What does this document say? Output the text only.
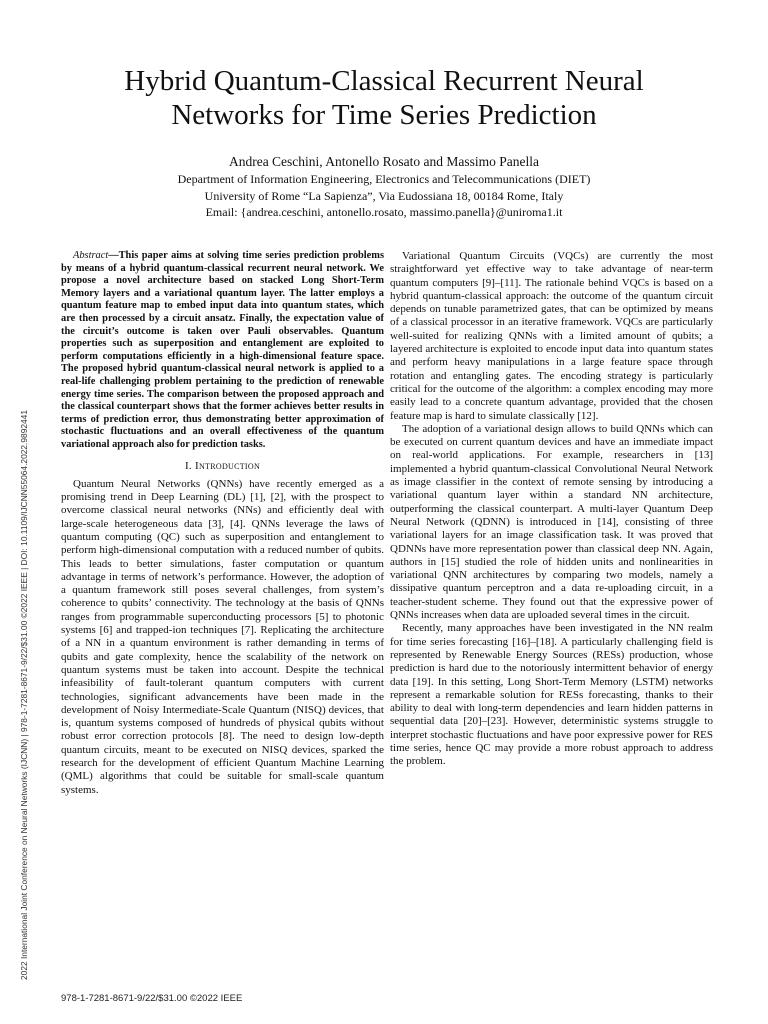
2022 International Joint Conference on Neural Networks (IJCNN) | 978-1-7281-8671-9/22/$31.00 ©2022 IEEE | DOI: 10.1109/IJCNN55064.2022.9892441
Hybrid Quantum-Classical Recurrent Neural Networks for Time Series Prediction
Andrea Ceschini, Antonello Rosato and Massimo Panella
Department of Information Engineering, Electronics and Telecommunications (DIET)
University of Rome “La Sapienza”, Via Eudossiana 18, 00184 Rome, Italy
Email: {andrea.ceschini, antonello.rosato, massimo.panella}@uniroma1.it

Abstract—This paper aims at solving time series prediction problems by means of a hybrid quantum-classical recurrent neural network. We propose a novel architecture based on stacked Long Short-Term Memory layers and a variational quantum layer. The latter employs a quantum feature map to embed input data into quantum states, which are then processed by a circuit ansatz. Finally, the expectation value of the circuit’s outcome is taken over Pauli observables. Quantum properties such as superposition and entanglement are exploited to perform computations efficiently in a high-dimensional feature space. The proposed hybrid quantum-classical neural network is applied to a real-life challenging problem pertaining to the prediction of renewable energy time series. The comparison between the proposed approach and the classical counterpart shows that the former achieves better results in terms of prediction error, thus demonstrating better approximation of stochastic fluctuations and an overall effectiveness of the quantum variational approach also for prediction tasks.

I. Introduction

Quantum Neural Networks (QNNs) have recently emerged as a promising trend in Deep Learning (DL) [1], [2], with the prospect to overcome classical neural networks (NNs) and efficiently deal with large-scale heterogeneous data [3], [4]. QNNs leverage the laws of quantum computing (QC) such as superposition and entanglement to perform high-dimensional computation with a reduced number of qubits. This leads to better simulations, faster computation or quantum advantage in terms of network’s performance. However, the adoption of a quantum framework still poses several challenges, from system’s coherence to qubits’ connectivity. The technology at the basis of QNNs ranges from programmable superconducting processors [5] to photonic systems [6] and trapped-ion techniques [7]. Replicating the architecture of a NN in a quantum environment is rather demanding in terms of qubits and gate complexity, hence the scalability of the network on quantum systems must be taken into account. Despite the technical infeasibility of fault-tolerant quantum computers with current technologies, significant advancements have been made in the development of Noisy Intermediate-Scale Quantum (NISQ) devices, that is, quantum systems composed of hundreds of physical qubits without robust error correction protocols [8]. The need to design low-depth quantum circuits, meant to be executed on NISQ devices, sparked the research for the development of efficient Quantum Machine Learning (QML) algorithms that could be suitable for small-scale quantum systems.

Variational Quantum Circuits (VQCs) are currently the most straightforward yet effective way to take advantage of near-term quantum computers [9]–[11]. The rationale behind VQCs is based on a hybrid quantum-classical approach: the outcome of the quantum circuit depends on tunable parametrized gates, that can be optimized by means of a classical processor in an iterative framework. VQCs are particularly well-suited for realizing QNNs with a limited amount of qubits; a layered architecture is exploited to encode input data into quantum states and perform heavy manipulations in a large feature space through rotation and entangling gates. The encoding strategy is particularly critical for the outcome of the algorithm: a complex encoding may more easily lead to a concrete quantum advantage, provided that the chosen feature map is hard to simulate classically [12].

The adoption of a variational design allows to build QNNs which can be executed on current quantum devices and have an immediate impact on real-world applications. For example, researchers in [13] implemented a hybrid quantum-classical Convolutional Neural Network as image classifier in the context of remote sensing by introducing a variational quantum layer within a standard NN architecture, outperforming the classical counterpart. A multi-layer Quantum Deep Neural Network (QDNN) is introduced in [14], consisting of three variational layers for an image classification task. It was proved that QDNNs have more representation power than classical deep NN. Again, authors in [15] studied the role of hidden units and nonlinearities in variational QNN architectures by comparing two models, namely a dissipative quantum perceptron and a data re-uploading circuit, in a teacher-student scheme. They found out that the expressive power of QNNs increases when data are uploaded several times in the circuit.

Recently, many approaches have been investigated in the NN realm for time series forecasting [16]–[18]. A particularly challenging field is represented by Renewable Energy Sources (RESs) production, whose prediction is hard due to the notoriously intermittent behavior of energy data [19]. In this setting, Long Short-Term Memory (LSTM) networks represent a remarkable solution for RESs forecasting, thanks to their ability to deal with long-term dependencies and learn hidden patterns in sequential data [20]–[23]. However, deterministic systems struggle to interpret stochastic fluctuations and have poor expressive power for RES time series, hence QC may provide a more robust approach to address the problem.

978-1-7281-8671-9/22/$31.00 ©2022 IEEE
